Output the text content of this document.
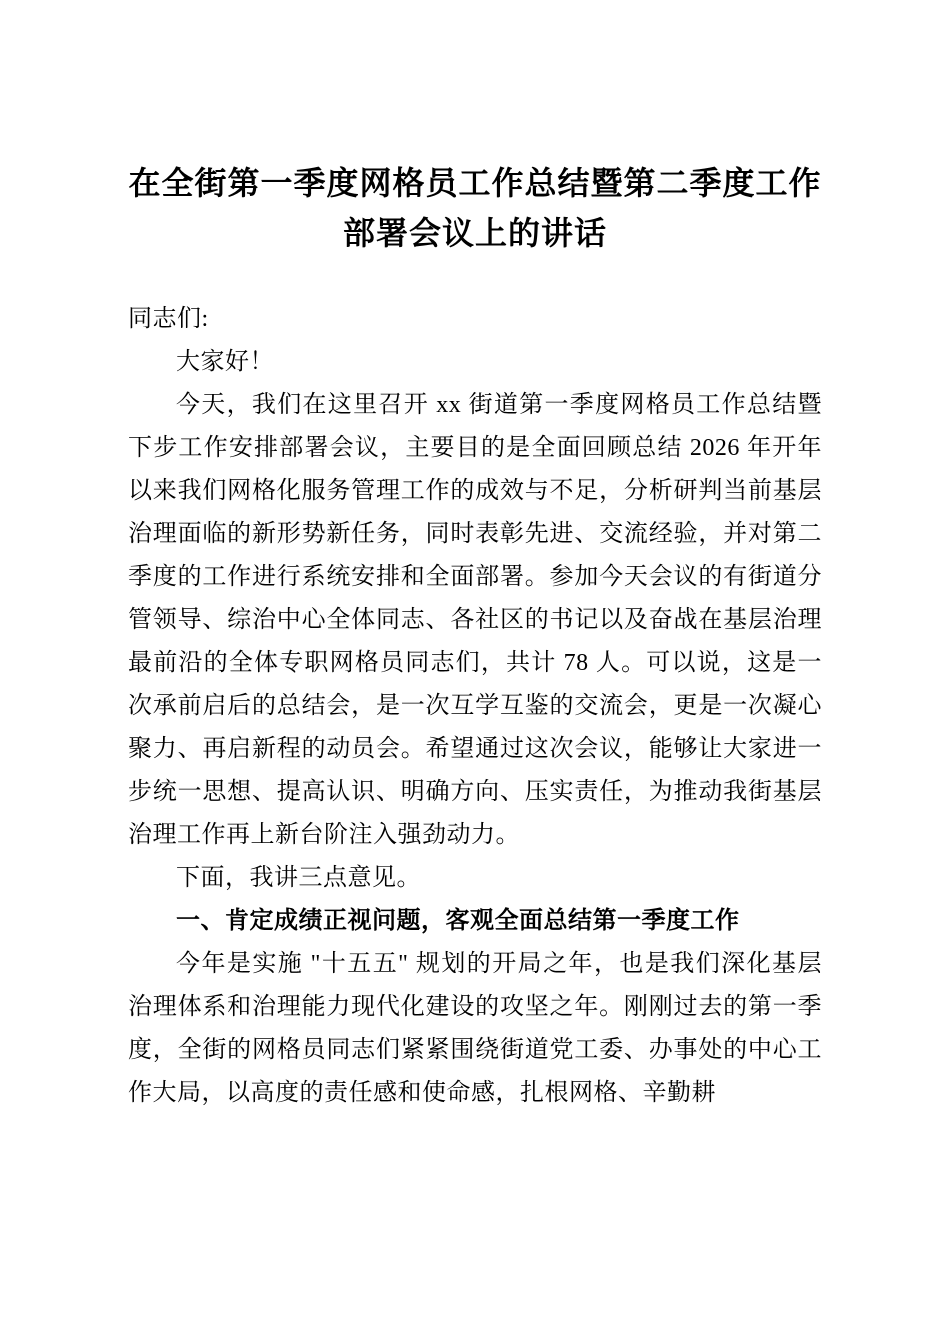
在全街第一季度网格员工作总结暨第二季度工作部署会议上的讲话

同志们:

大家好！

今天，我们在这里召开 xx 街道第一季度网格员工作总结暨下步工作安排部署会议，主要目的是全面回顾总结 2026 年开年以来我们网格化服务管理工作的成效与不足，分析研判当前基层治理面临的新形势新任务，同时表彰先进、交流经验，并对第二季度的工作进行系统安排和全面部署。参加今天会议的有街道分管领导、综治中心全体同志、各社区的书记以及奋战在基层治理最前沿的全体专职网格员同志们，共计 78 人。可以说，这是一次承前启后的总结会，是一次互学互鉴的交流会，更是一次凝心聚力、再启新程的动员会。希望通过这次会议，能够让大家进一步统一思想、提高认识、明确方向、压实责任，为推动我街基层治理工作再上新台阶注入强劲动力。

下面，我讲三点意见。

一、肯定成绩正视问题，客观全面总结第一季度工作

今年是实施 "十五五" 规划的开局之年，也是我们深化基层治理体系和治理能力现代化建设的攻坚之年。刚刚过去的第一季度，全街的网格员同志们紧紧围绕街道党工委、办事处的中心工作大局，以高度的责任感和使命感，扎根网格、辛勤耕
